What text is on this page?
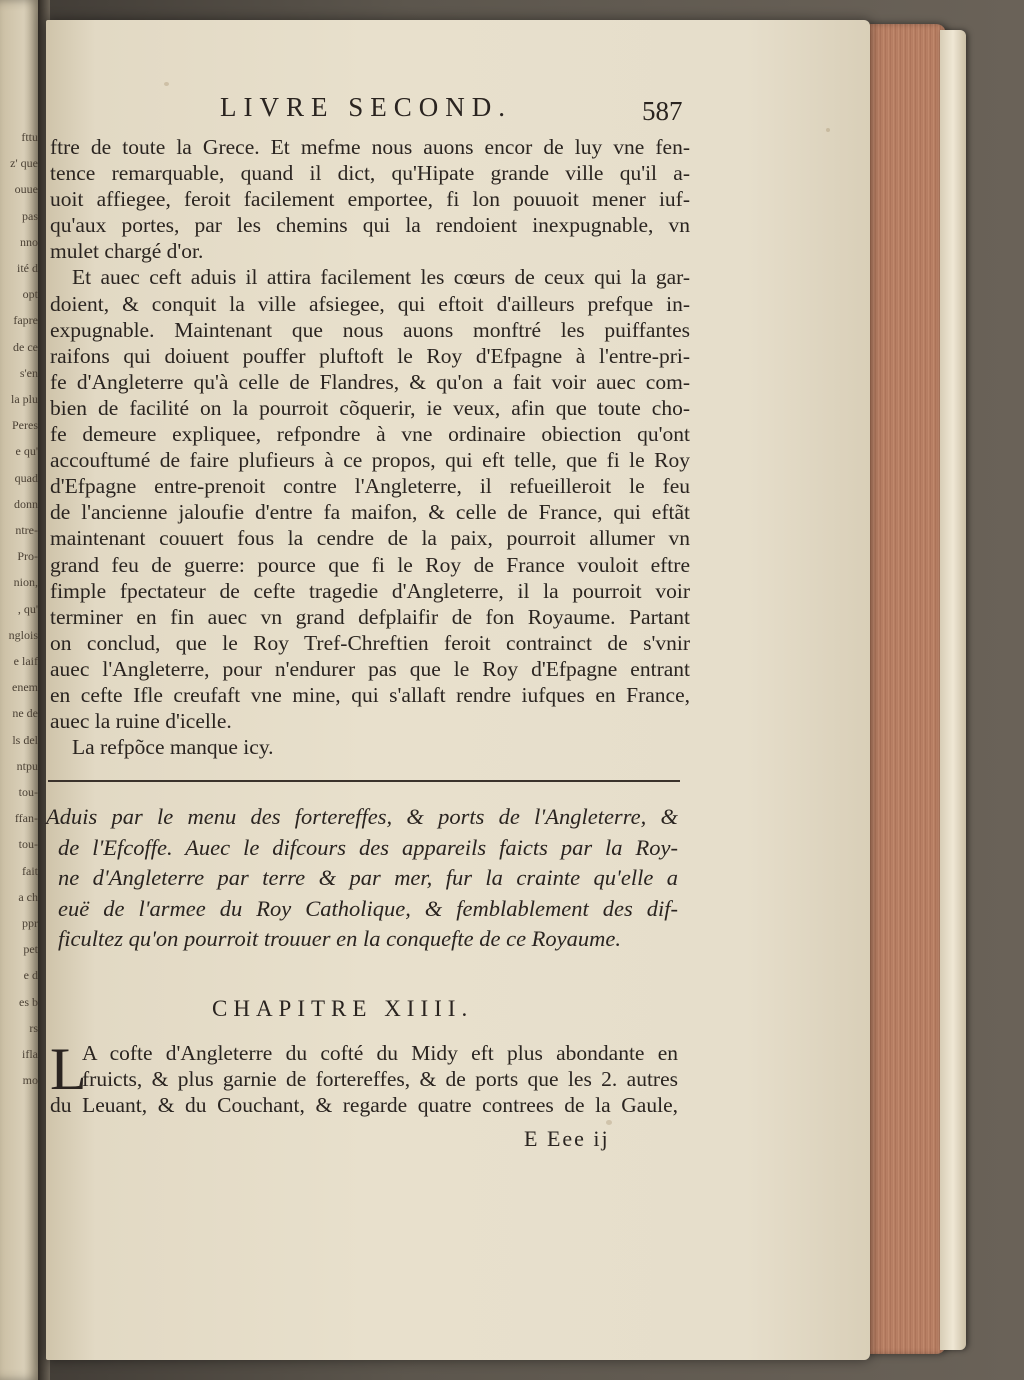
fttu
z' que
ouue
pas
nno
ité d
opt
fapre
de ce
s'en
la plu
Peres
e qu'
quad
donn
ntre-
Pro-
nion,
, qu'
nglois
e laif
enem
ne de
ls del
ntpu
tou-
ffan-
tou-
fait
a ch
ppr
pet
e d
es b
rs
ifla
mo
LIVRE SECOND.	587
ftre de toute la Grece. Et mefme nous auons encor de luy vne fen-
tence remarquable, quand il dict, qu'Hipate grande ville qu'il a-
uoit affiegee, feroit facilement emportee, fi lon pouuoit mener iuf-
qu'aux portes, par les chemins qui la rendoient inexpugnable, vn
mulet chargé d'or.
Et auec ceft aduis il attira facilement les cœurs de ceux qui la gar-
doient, & conquit la ville afsiegee, qui eftoit d'ailleurs prefque in-
expugnable. Maintenant que nous auons monftré les puiffantes
raifons qui doiuent pouffer pluftoft le Roy d'Efpagne à l'entre-pri-
fe d'Angleterre qu'à celle de Flandres, & qu'on a fait voir auec com-
bien de facilité on la pourroit cõquerir, ie veux, afin que toute cho-
fe demeure expliquee, refpondre à vne ordinaire obiection qu'ont
accouftumé de faire plufieurs à ce propos, qui eft telle, que fi le Roy
d'Efpagne entre-prenoit contre l'Angleterre, il refueilleroit le feu
de l'ancienne jaloufie d'entre fa maifon, & celle de France, qui eftãt
maintenant couuert fous la cendre de la paix, pourroit allumer vn
grand feu de guerre: pource que fi le Roy de France vouloit eftre
fimple fpectateur de cefte tragedie d'Angleterre, il la pourroit voir
terminer en fin auec vn grand defplaifir de fon Royaume. Partant
on conclud, que le Roy Tref-Chreftien feroit contrainct de s'vnir
auec l'Angleterre, pour n'endurer pas que le Roy d'Efpagne entrant
en cefte Ifle creufaft vne mine, qui s'allaft rendre iufques en France,
auec la ruine d'icelle.
La refpõce manque icy.
Aduis par le menu des fortereffes, & ports de l'Angleterre, &
de l'Efcoffe. Auec le difcours des appareils faicts par la Roy-
ne d'Angleterre par terre & par mer, fur la crainte qu'elle a
euë de l'armee du Roy Catholique, & femblablement des dif-
ficultez qu'on pourroit trouuer en la conquefte de ce Royaume.
CHAPITRE XIIII.
L
A cofte d'Angleterre du cofté du Midy eft plus abondante en
fruicts, & plus garnie de fortereffes, & de ports que les 2. autres
du Leuant, & du Couchant, & regarde quatre contrees de la Gaule,
E Eee ij
